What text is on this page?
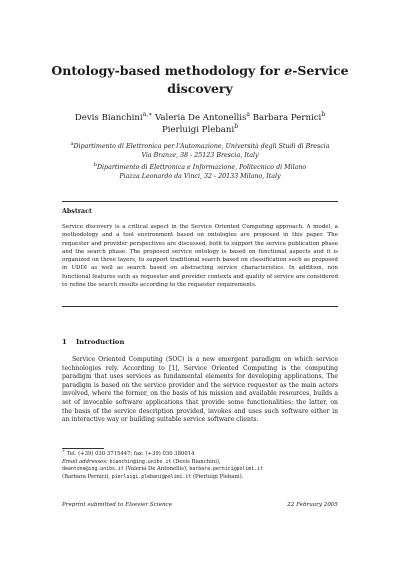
Ontology-based methodology for e-Service
discovery
Devis Bianchini$^{a,∗}$ Valeria De Antonellis$^a$ Barbara Pernici$^b$
Pierluigi Plebani$^b$
$^a$Dipartimento di Elettronica per l'Automazione, Università degli Studi di Brescia
Via Branze, 38 - 25123 Brescia, Italy
$^b$Dipartimento di Elettronica e Informazione, Politecnico di Milano
Piazza Leonardo da Vinci, 32 - 20133 Milano, Italy
Abstract
Service discovery is a critical aspect in the Service Oriented Computing approach. A model, a methodology and a tool environment based on ontologies are proposed in this paper. The requester and provider perspectives are discussed, both to support the service publication phase and the search phase. The proposed service ontology is based on functional aspects and it is organized on three layers, to support traditional search based on classification such as proposed in UDDI as well as search based on abstracting service characteristics. In addition, non functional features such as requester and provider contexts and quality of service are considered to refine the search results according to the requester requirements.
1 Introduction

Service Oriented Computing (SOC) is a new emergent paradigm on which service technologies rely. According to [1], Service Oriented Computing is the computing paradigm that uses services as fundamental elements for developing applications. The paradigm is based on the service provider and the service requester as the main actors involved, where the former, on the basis of his mission and available resources, builds a set of invocable software applications that provide some functionalities; the latter, on the basis of the service description provided, invokes and uses such software either in an interactive way or building suitable service software clients.

∗ Tel. (+39) 030 3715447; fax: (+39) 030 380014
Email addresses: bianchin@ing.unibs.it (Devis Bianchini),
deantone@ing.unibs.it (Valeria De Antonellis), barbara.pernici@polimi.it
(Barbara Pernici), pierluigi.plebani@polimi.it (Pierluigi Plebani).
Preprint submitted to Elsevier Science	22 February 2005
